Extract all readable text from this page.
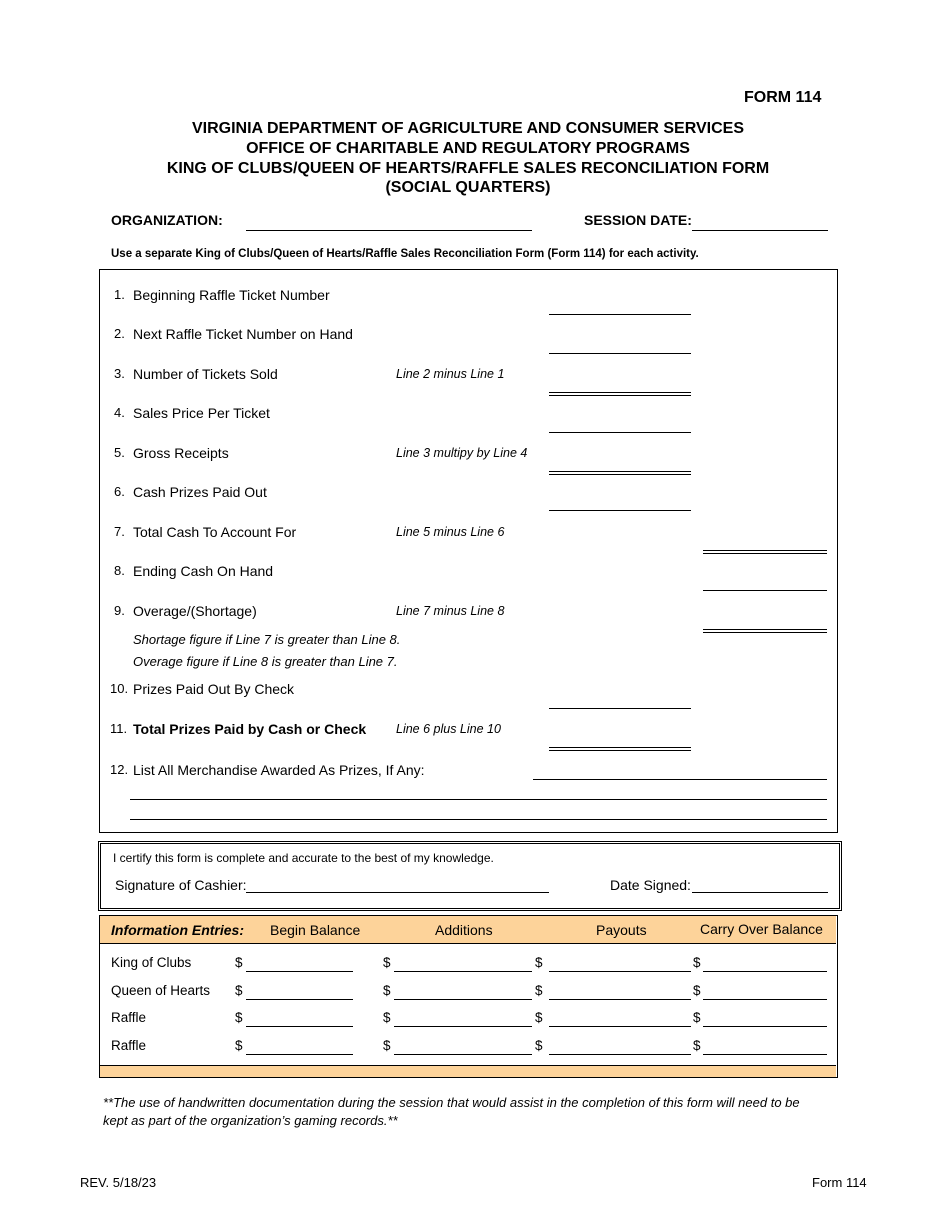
FORM 114
VIRGINIA DEPARTMENT OF AGRICULTURE AND CONSUMER SERVICES
OFFICE OF CHARITABLE AND REGULATORY PROGRAMS
KING OF CLUBS/QUEEN OF HEARTS/RAFFLE SALES RECONCILIATION FORM
(SOCIAL QUARTERS)
ORGANIZATION:	SESSION DATE:
Use a separate King of Clubs/Queen of Hearts/Raffle Sales Reconciliation Form (Form 114) for each activity.
1. Beginning Raffle Ticket Number
2. Next Raffle Ticket Number on Hand
3. Number of Tickets Sold	Line 2 minus Line 1
4. Sales Price Per Ticket
5. Gross Receipts	Line 3 multipy by Line 4
6. Cash Prizes Paid Out
7. Total Cash To Account For	Line 5 minus Line 6
8. Ending Cash On Hand
9. Overage/(Shortage)	Line 7 minus Line 8
10. Prizes Paid Out By Check
11. Total Prizes Paid by Cash or Check Line 6 plus Line 10
12. List All Merchandise Awarded As Prizes, If Any:
Shortage figure if Line 7 is greater than Line 8.
Overage figure if Line 8 is greater than Line 7.
I certify this form is complete and accurate to the best of my knowledge.
Signature of Cashier:	Date Signed:
Information Entries: Begin Balance	Additions	Payouts	Carry Over Balance
King of Clubs	$	$	$	$
Queen of Hearts $	$	$	$
Raffle	$	$	$	$
Raffle	$	$	$	$
**The use of handwritten documentation during the session that would assist in the completion of this form will need to be kept as part of the organization’s gaming records.**
REV. 5/18/23	Form 114
